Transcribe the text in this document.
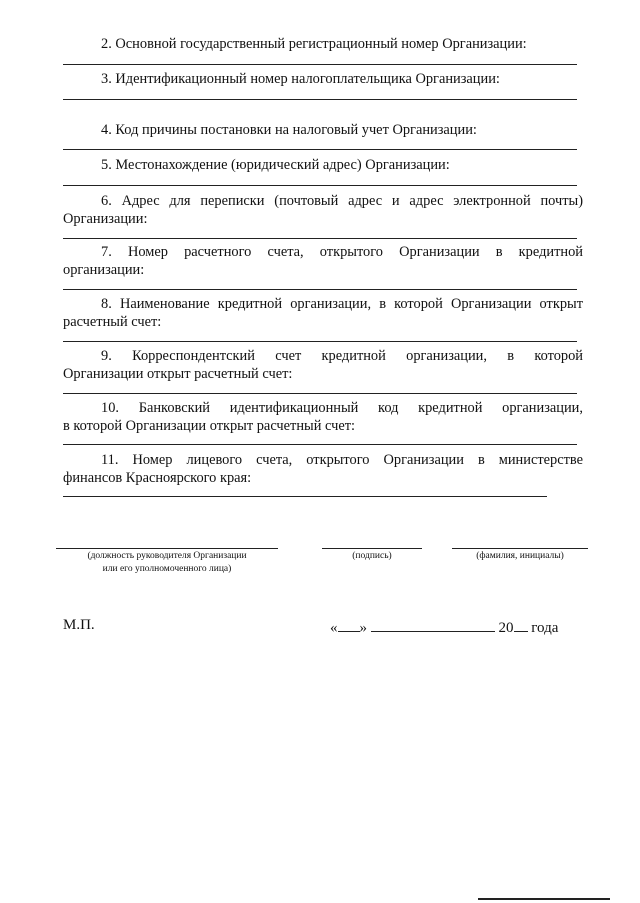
2. Основной государственный регистрационный номер Организации:
3. Идентификационный номер налогоплательщика Организации:
4. Код причины постановки на налоговый учет Организации:
5. Местонахождение (юридический адрес) Организации:
6. Адрес для переписки (почтовый адрес и адрес электронной почты)
Организации:
7. Номер расчетного счета, открытого Организации в кредитной
организации:
8. Наименование кредитной организации, в которой Организации открыт
расчетный счет:
9. Корреспондентский счет кредитной организации, в которой
Организации открыт расчетный счет:
10. Банковский идентификационный код кредитной организации,
в которой Организации открыт расчетный счет:
11. Номер лицевого счета, открытого Организации в министерстве
финансов Красноярского края:
(должность руководителя Организации
или его уполномоченного лица)
(подпись)	(фамилия, инициалы)
М.П.	« »	20 года
